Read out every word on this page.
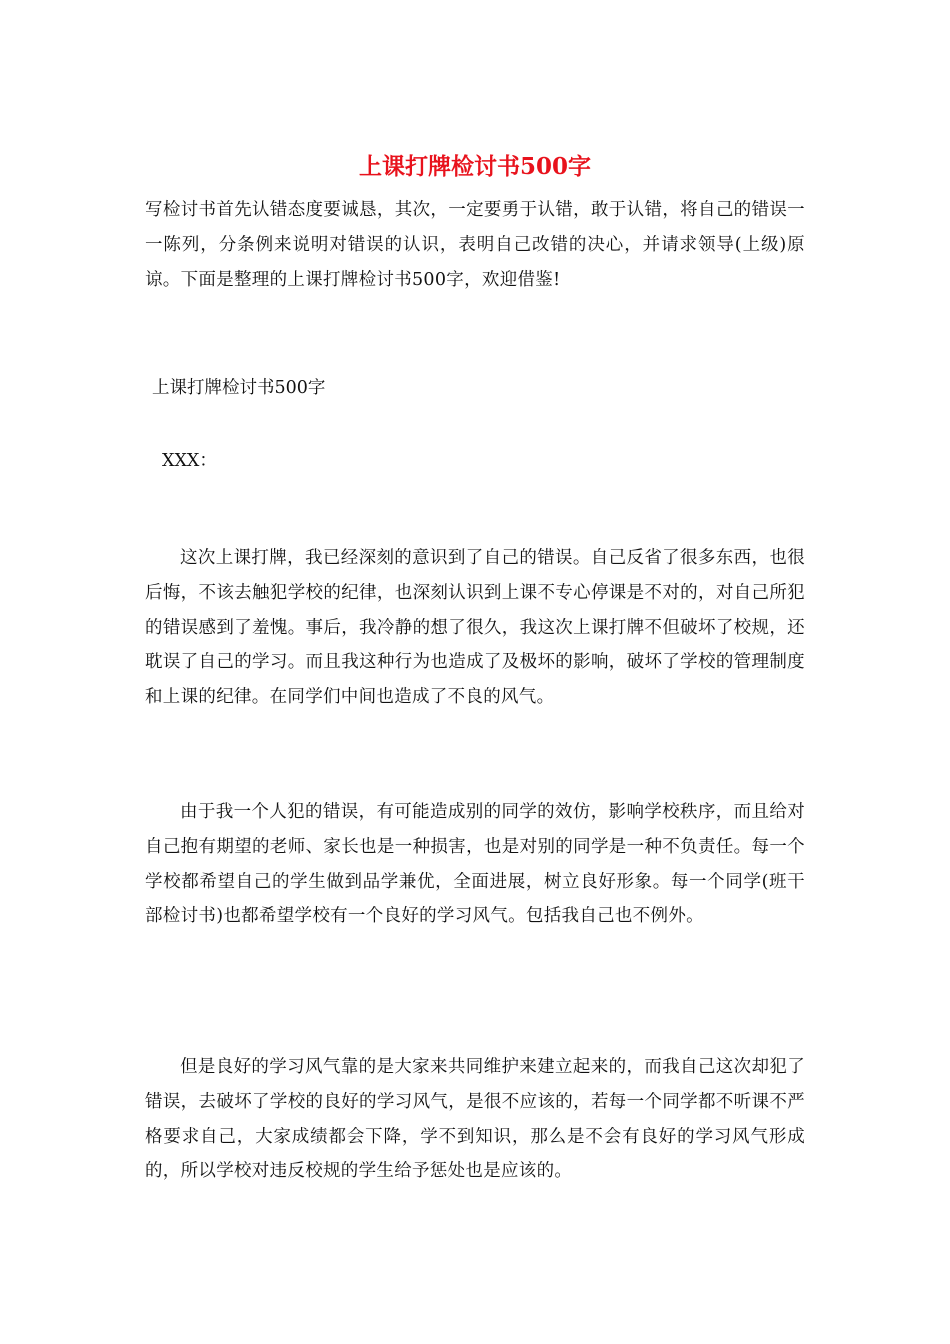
上课打牌检讨书500字

写检讨书首先认错态度要诚恳，其次，一定要勇于认错，敢于认错，将自己的错误一一陈列，分条例来说明对错误的认识，表明自己改错的决心，并请求领导(上级)原谅。下面是整理的上课打牌检讨书500字，欢迎借鉴!

上课打牌检讨书500字

XXX：

这次上课打牌，我已经深刻的意识到了自己的错误。自己反省了很多东西，也很后悔，不该去触犯学校的纪律，也深刻认识到上课不专心停课是不对的，对自己所犯的错误感到了羞愧。事后，我冷静的想了很久，我这次上课打牌不但破坏了校规，还耽误了自己的学习。而且我这种行为也造成了及极坏的影响，破坏了学校的管理制度和上课的纪律。在同学们中间也造成了不良的风气。

由于我一个人犯的错误，有可能造成别的同学的效仿，影响学校秩序，而且给对自己抱有期望的老师、家长也是一种损害，也是对别的同学是一种不负责任。每一个学校都希望自己的学生做到品学兼优，全面进展，树立良好形象。每一个同学(班干部检讨书)也都希望学校有一个良好的学习风气。包括我自己也不例外。

但是良好的学习风气靠的是大家来共同维护来建立起来的，而我自己这次却犯了错误，去破坏了学校的良好的学习风气，是很不应该的，若每一个同学都不听课不严格要求自己，大家成绩都会下降，学不到知识，那么是不会有良好的学习风气形成的，所以学校对违反校规的学生给予惩处也是应该的。
